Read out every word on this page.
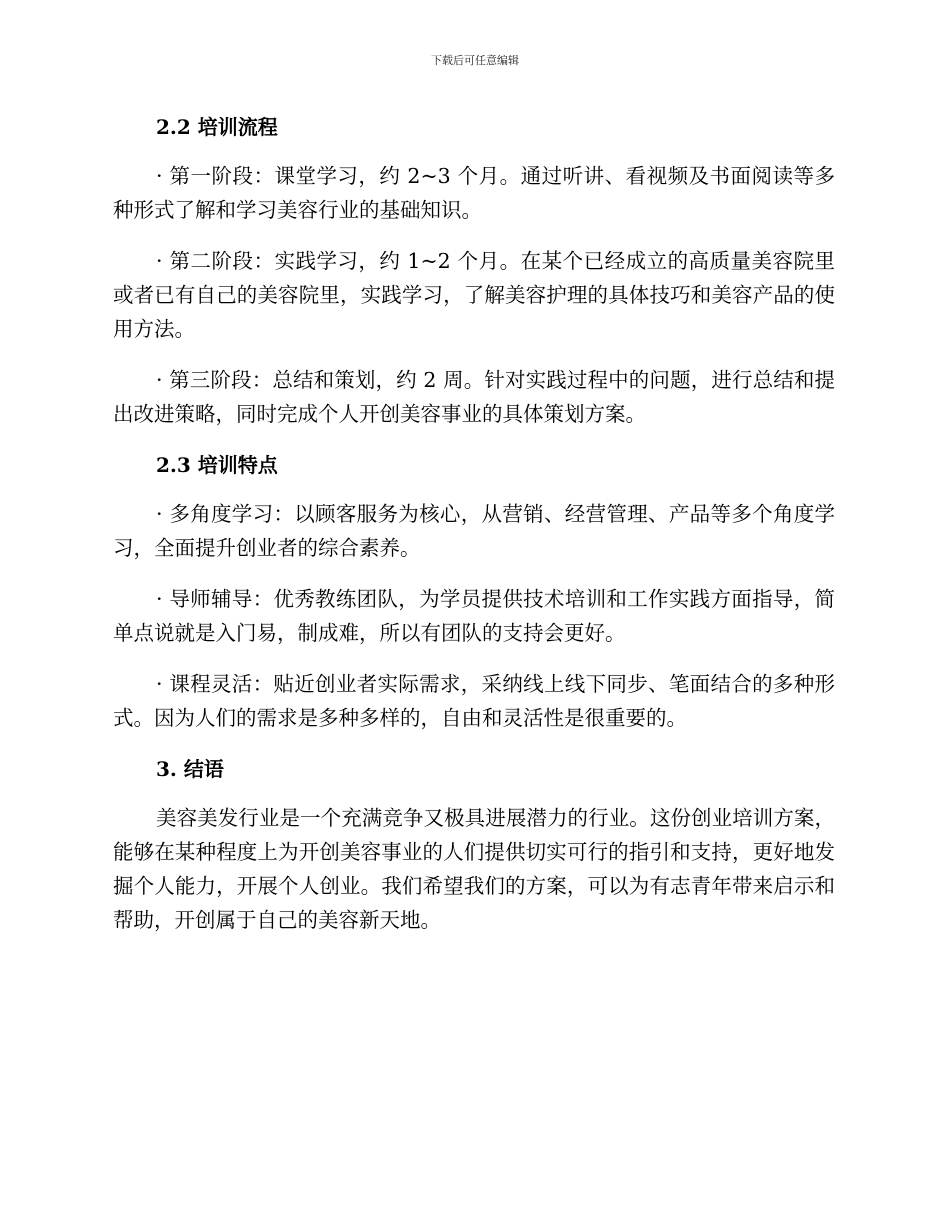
下载后可任意编辑
2.2 培训流程

· 第一阶段：课堂学习，约 2~3 个月。通过听讲、看视频及书面阅读等多种形式了解和学习美容行业的基础知识。

· 第二阶段：实践学习，约 1~2 个月。在某个已经成立的高质量美容院里或者已有自己的美容院里，实践学习，了解美容护理的具体技巧和美容产品的使用方法。

· 第三阶段：总结和策划，约 2 周。针对实践过程中的问题，进行总结和提出改进策略，同时完成个人开创美容事业的具体策划方案。

2.3 培训特点

· 多角度学习：以顾客服务为核心，从营销、经营管理、产品等多个角度学习，全面提升创业者的综合素养。

· 导师辅导：优秀教练团队，为学员提供技术培训和工作实践方面指导，简单点说就是入门易，制成难，所以有团队的支持会更好。

· 课程灵活：贴近创业者实际需求，采纳线上线下同步、笔面结合的多种形式。因为人们的需求是多种多样的，自由和灵活性是很重要的。

3. 结语

美容美发行业是一个充满竞争又极具进展潜力的行业。这份创业培训方案，能够在某种程度上为开创美容事业的人们提供切实可行的指引和支持，更好地发掘个人能力，开展个人创业。我们希望我们的方案，可以为有志青年带来启示和帮助，开创属于自己的美容新天地。
